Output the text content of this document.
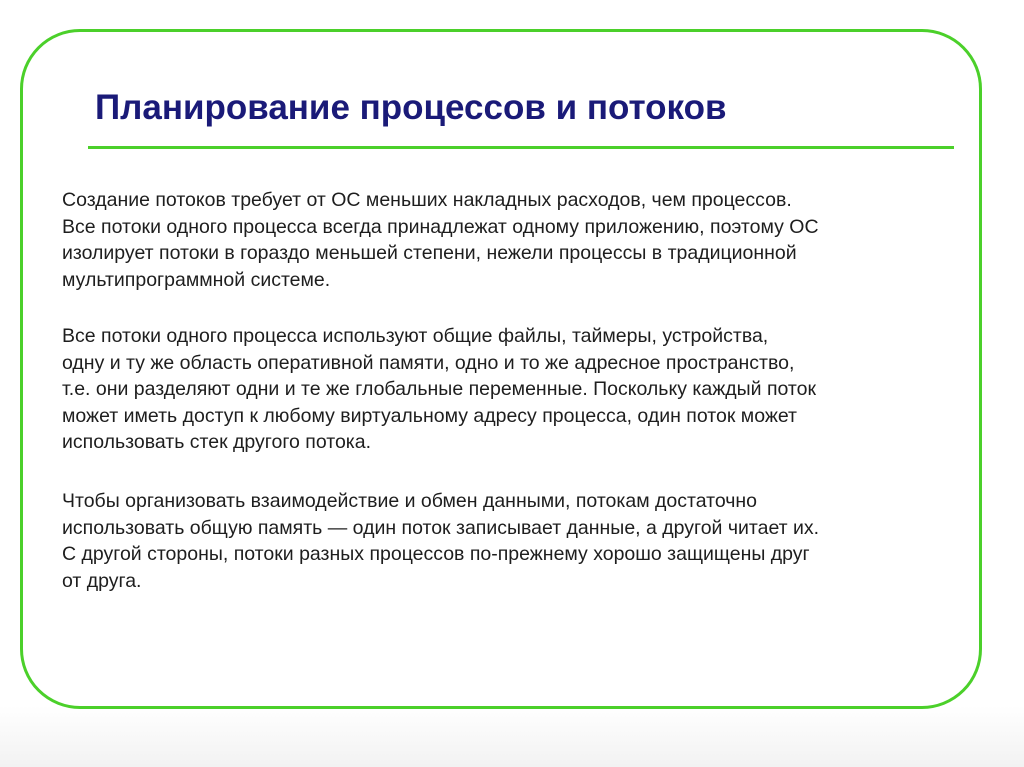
Планирование процессов и потоков

Создание потоков требует от ОС меньших накладных расходов, чем процессов.
Все потоки одного процесса всегда принадлежат одному приложению, поэтому ОС
изолирует потоки в гораздо меньшей степени, нежели процессы в традиционной
мультипрограммной системе.

Все потоки одного процесса используют общие файлы, таймеры, устройства,
одну и ту же область оперативной памяти, одно и то же адресное пространство,
т.е. они разделяют одни и те же глобальные переменные. Поскольку каждый поток
может иметь доступ к любому виртуальному адресу процесса, один поток может
использовать стек другого потока.

Чтобы организовать взаимодействие и обмен данными, потокам достаточно
использовать общую память — один поток записывает данные, а другой читает их.
С другой стороны, потоки разных процессов по-прежнему хорошо защищены друг
от друга.
